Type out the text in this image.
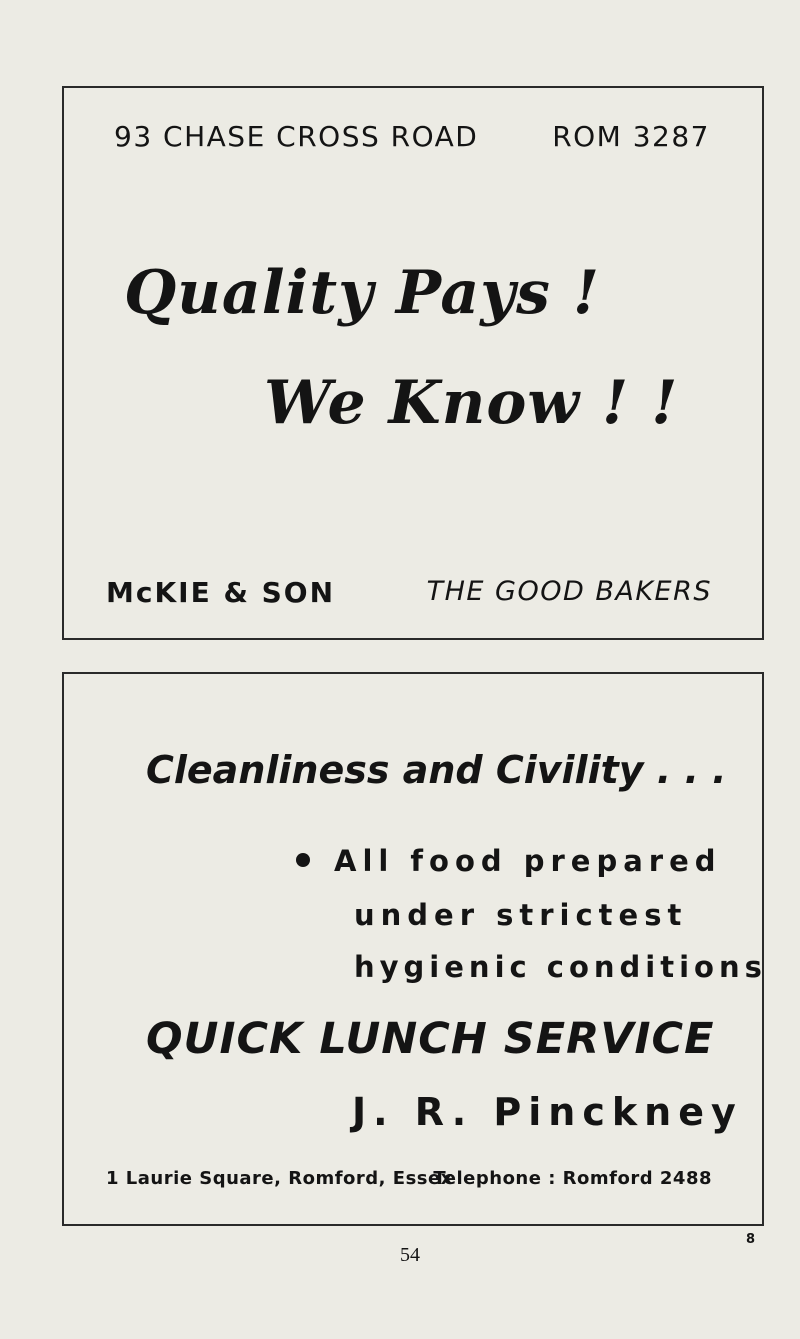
93 CHASE CROSS ROAD	ROM 3287
Quality Pays !
We Know ! !
McKIE & SON	THE GOOD BAKERS
Cleanliness and Civility . . .
All food prepared
under strictest
hygienic conditions
QUICK LUNCH SERVICE
J. R. Pinckney
1 Laurie Square, Romford, Essex
Telephone : Romford 2488
54
8
